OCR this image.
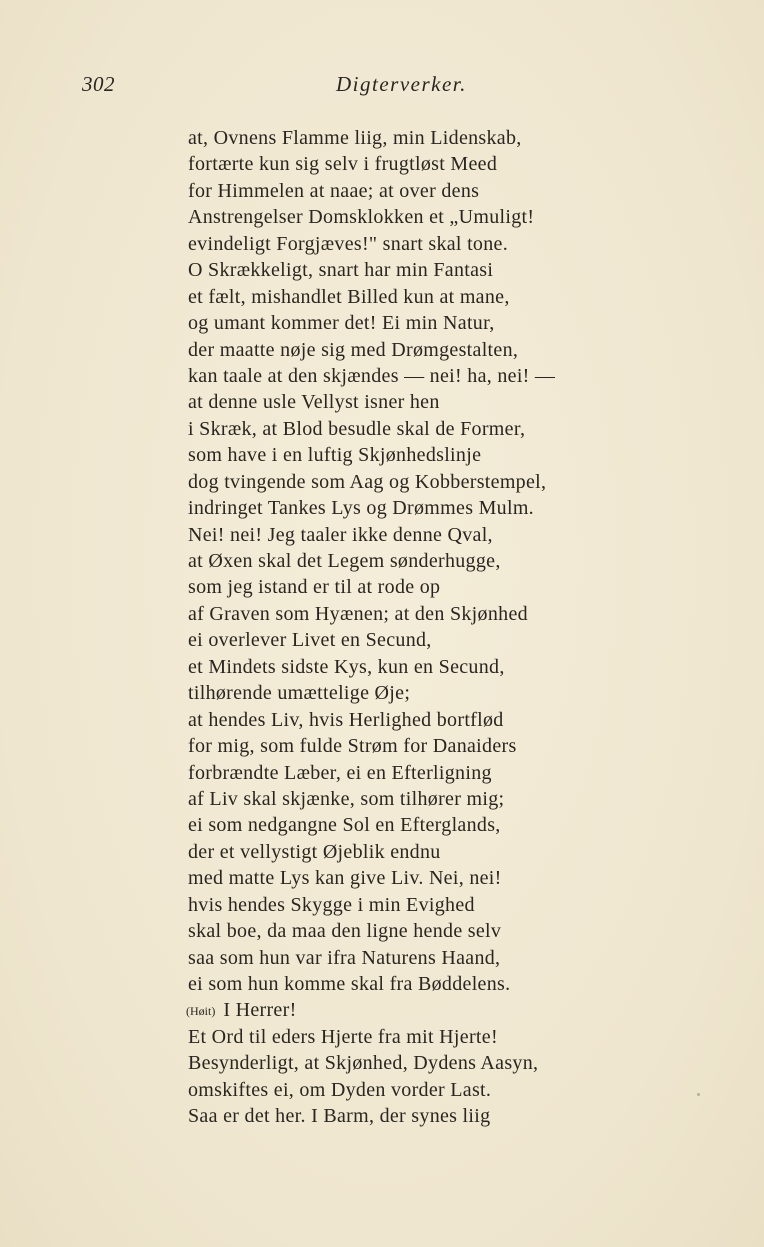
302	Digterverker.
at, Ovnens Flamme liig, min Lidenskab,
fortærte kun sig selv i frugtløst Meed
for Himmelen at naae; at over dens
Anstrengelser Domsklokken et „Umuligt!
evindeligt Forgjæves!" snart skal tone.
O Skrækkeligt, snart har min Fantasi
et fælt, mishandlet Billed kun at mane,
og umant kommer det! Ei min Natur,
der maatte nøje sig med Drømgestalten,
kan taale at den skjændes — nei! ha, nei! —
at denne usle Vellyst isner hen
i Skræk, at Blod besudle skal de Former,
som have i en luftig Skjønhedslinje
dog tvingende som Aag og Kobberstempel,
indringet Tankes Lys og Drømmes Mulm.
Nei! nei! Jeg taaler ikke denne Qval,
at Øxen skal det Legem sønderhugge,
som jeg istand er til at rode op
af Graven som Hyænen; at den Skjønhed
ei overlever Livet en Secund,
et Mindets sidste Kys, kun en Secund,
tilhørende umættelige Øje;
at hendes Liv, hvis Herlighed bortflød
for mig, som fulde Strøm for Danaiders
forbrændte Læber, ei en Efterligning
af Liv skal skjænke, som tilhører mig;
ei som nedgangne Sol en Efterglands,
der et vellystigt Øjeblik endnu
med matte Lys kan give Liv. Nei, nei!
hvis hendes Skygge i min Evighed
skal boe, da maa den ligne hende selv
saa som hun var ifra Naturens Haand,
ei som hun komme skal fra Bøddelens.
(Høit) I Herrer!
Et Ord til eders Hjerte fra mit Hjerte!
Besynderligt, at Skjønhed, Dydens Aasyn,
omskiftes ei, om Dyden vorder Last.
Saa er det her. I Barm, der synes liig
